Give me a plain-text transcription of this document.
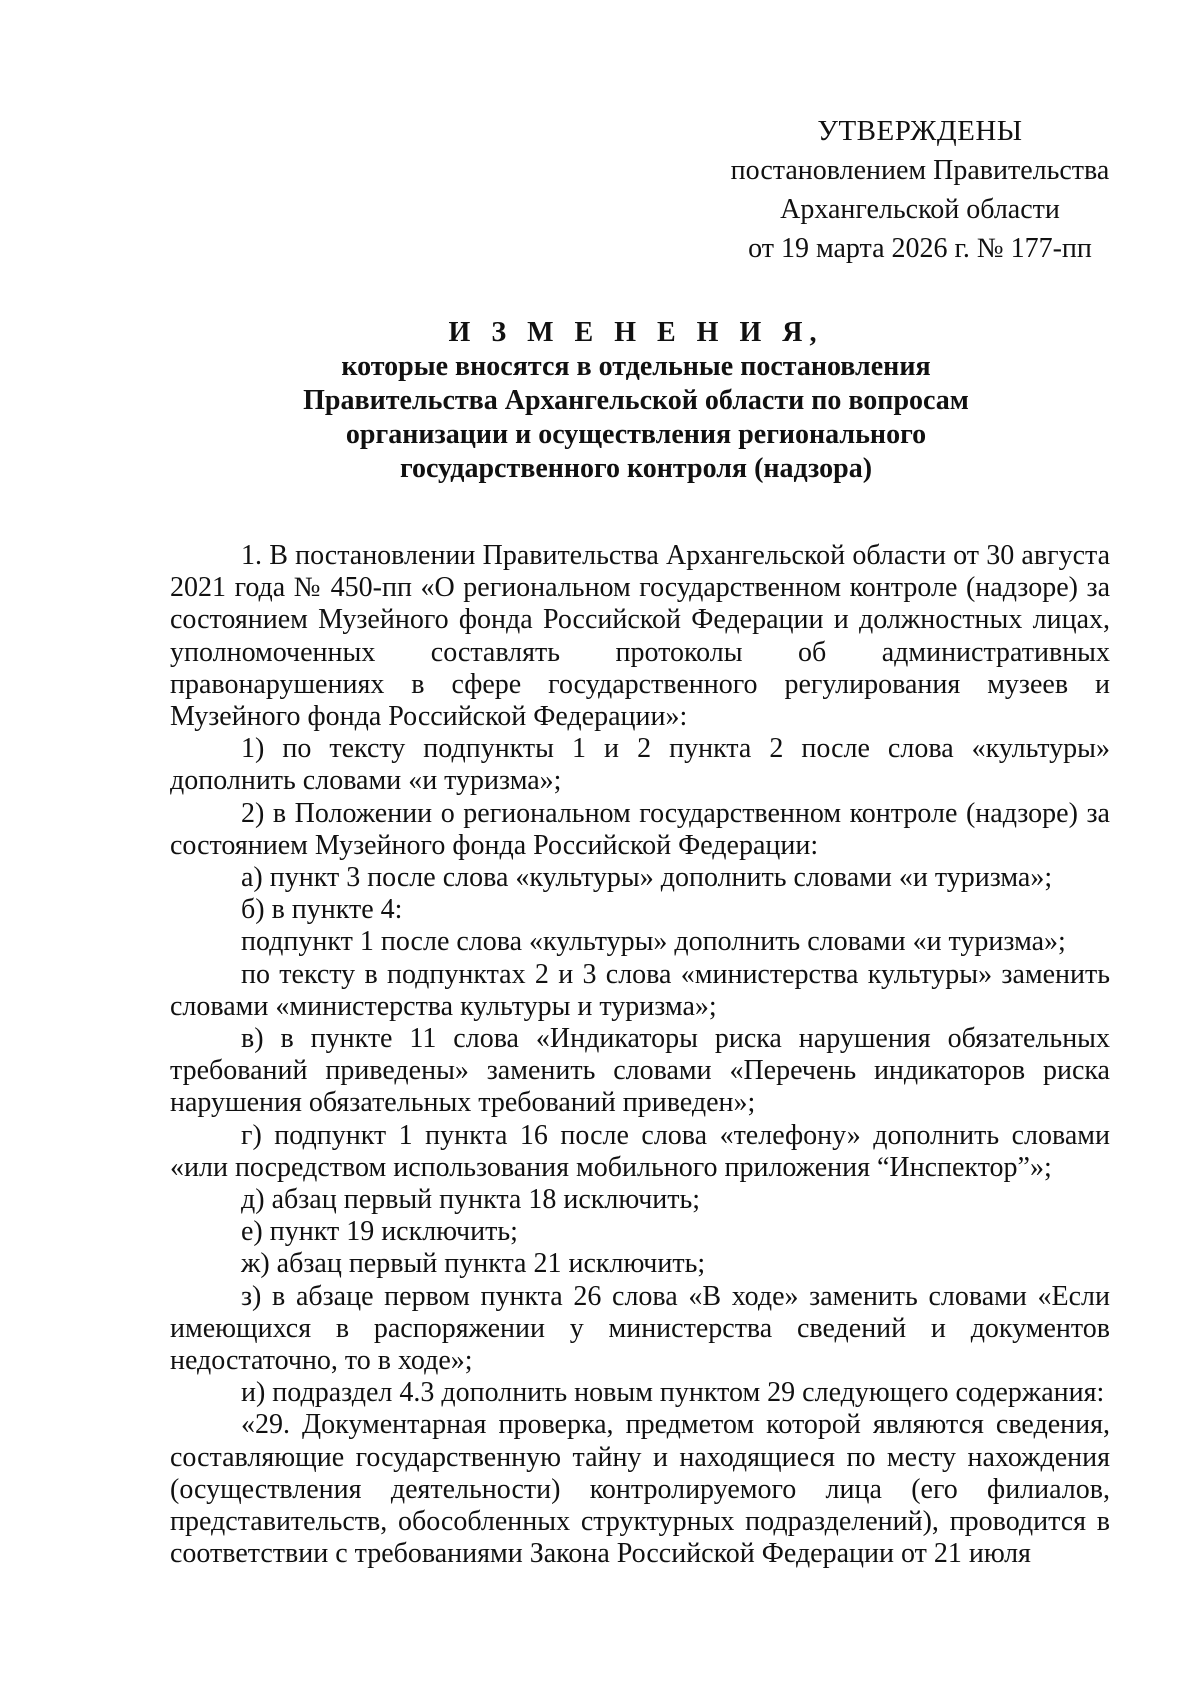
УТВЕРЖДЕНЫ
постановлением Правительства
Архангельской области
от 19 марта 2026 г. № 177-пп
И З М Е Н Е Н И Я,
которые вносятся в отдельные постановления
Правительства Архангельской области по вопросам
организации и осуществления регионального
государственного контроля (надзора)

1. В постановлении Правительства Архангельской области от 30 августа 2021 года № 450-пп «О региональном государственном контроле (надзоре) за состоянием Музейного фонда Российской Федерации и должностных лицах, уполномоченных составлять протоколы об административных правонарушениях в сфере государственного регулирования музеев и Музейного фонда Российской Федерации»:

1) по тексту подпункты 1 и 2 пункта 2 после слова «культуры» дополнить словами «и туризма»;

2) в Положении о региональном государственном контроле (надзоре) за состоянием Музейного фонда Российской Федерации:

а) пункт 3 после слова «культуры» дополнить словами «и туризма»;

б) в пункте 4:

подпункт 1 после слова «культуры» дополнить словами «и туризма»;

по тексту в подпунктах 2 и 3 слова «министерства культуры» заменить словами «министерства культуры и туризма»;

в) в пункте 11 слова «Индикаторы риска нарушения обязательных требований приведены» заменить словами «Перечень индикаторов риска нарушения обязательных требований приведен»;

г) подпункт 1 пункта 16 после слова «телефону» дополнить словами «или посредством использования мобильного приложения “Инспектор”»;

д) абзац первый пункта 18 исключить;

е) пункт 19 исключить;

ж) абзац первый пункта 21 исключить;

з) в абзаце первом пункта 26 слова «В ходе» заменить словами «Если имеющихся в распоряжении у министерства сведений и документов недостаточно, то в ходе»;

и) подраздел 4.3 дополнить новым пунктом 29 следующего содержания:

«29. Документарная проверка, предметом которой являются сведения, составляющие государственную тайну и находящиеся по месту нахождения (осуществления деятельности) контролируемого лица (его филиалов, представительств, обособленных структурных подразделений), проводится в соответствии с требованиями Закона Российской Федерации от 21 июля
